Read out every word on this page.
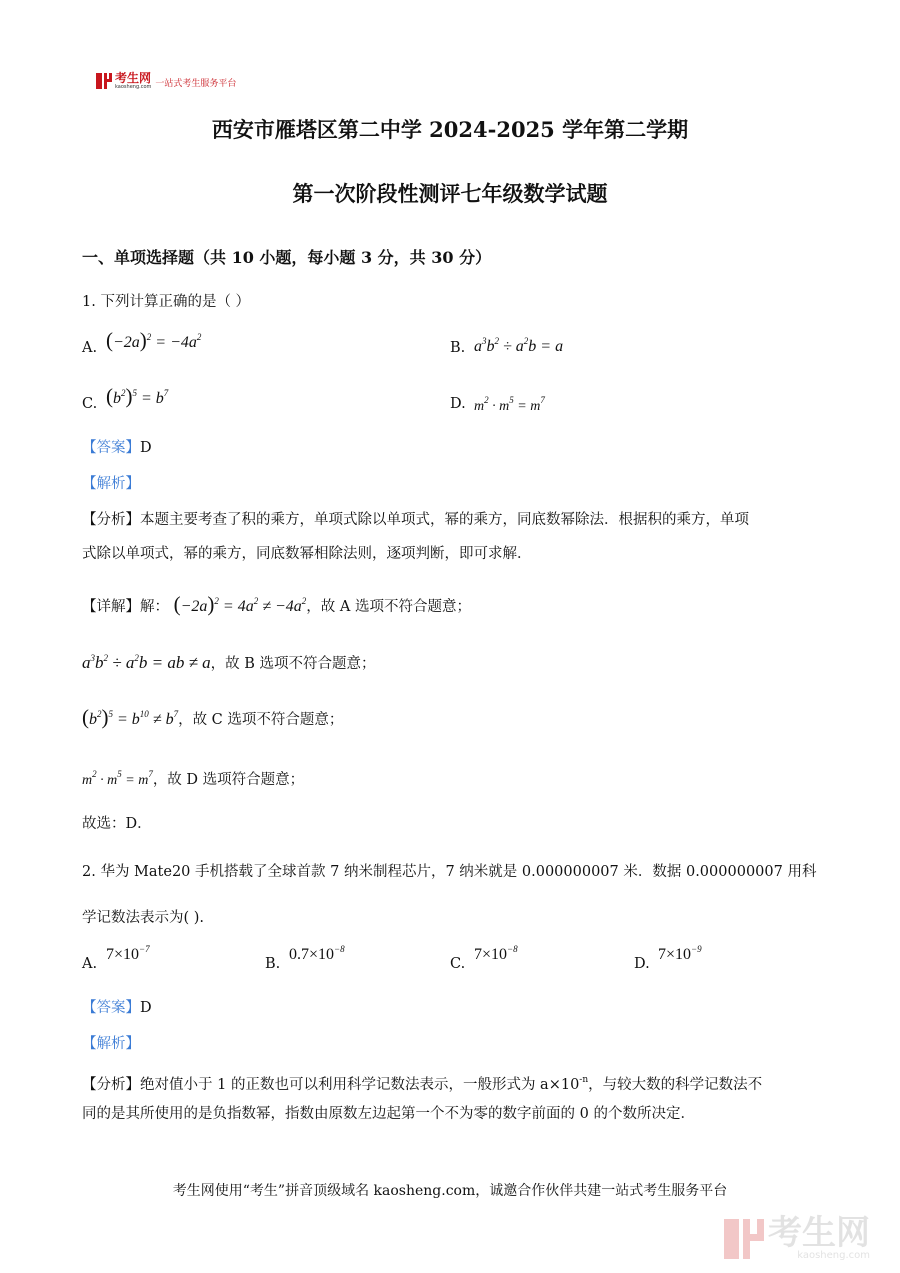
考生网
kaosheng.com 一站式考生服务平台
西安市雁塔区第二中学 2024-2025 学年第二学期
第一次阶段性测评七年级数学试题
一、单项选择题（共 10 小题，每小题 3 分，共 30 分）
1. 下列计算正确的是（ ）
A. $(-2a)^2 = -4a^2$
B. $a^3b^2 \div a^2b = a$
C. $(b^2)^5 = b^7$
D. $m^2 \cdot m^5 = m^7$
【答案】D
【解析】
【分析】本题主要考查了积的乘方，单项式除以单项式，幂的乘方，同底数幂除法．根据积的乘方，单项
式除以单项式，幂的乘方，同底数幂相除法则，逐项判断，即可求解．
【详解】解： $(-2a)^2 = 4a^2 \ne -4a^2$，故 A 选项不符合题意；
$a^3b^2 \div a^2b$ = ab ≠ a，故 B 选项不符合题意；
$(b^2)^5 = b^{10} \ne b^7$，故 C 选项不符合题意；
$m^2 \cdot m^5 = m^7$，故 D 选项符合题意；
故选：D．
2. 华为 Mate20 手机搭载了全球首款 7 纳米制程芯片，7 纳米就是 0.000000007 米．数据 0.000000007 用科
学记数法表示为( ).
A.
$7\times 10^{-7}$
B.
$0.7\times 10^{-8}$
C.
$7\times 10^{-8}$
D.
$7\times 10^{-9}$
【答案】D
【解析】
【分析】绝对值小于 1 的正数也可以利用科学记数法表示，一般形式为 $a\times 10^{-n}$，与较大数的科学记数法不
同的是其所使用的是负指数幂，指数由原数左边起第一个不为零的数字前面的 0 的个数所决定．
考生网使用“考生”拼音顶级域名 kaosheng.com，诚邀合作伙伴共建一站式考生服务平台
考生网
kaosheng.com
